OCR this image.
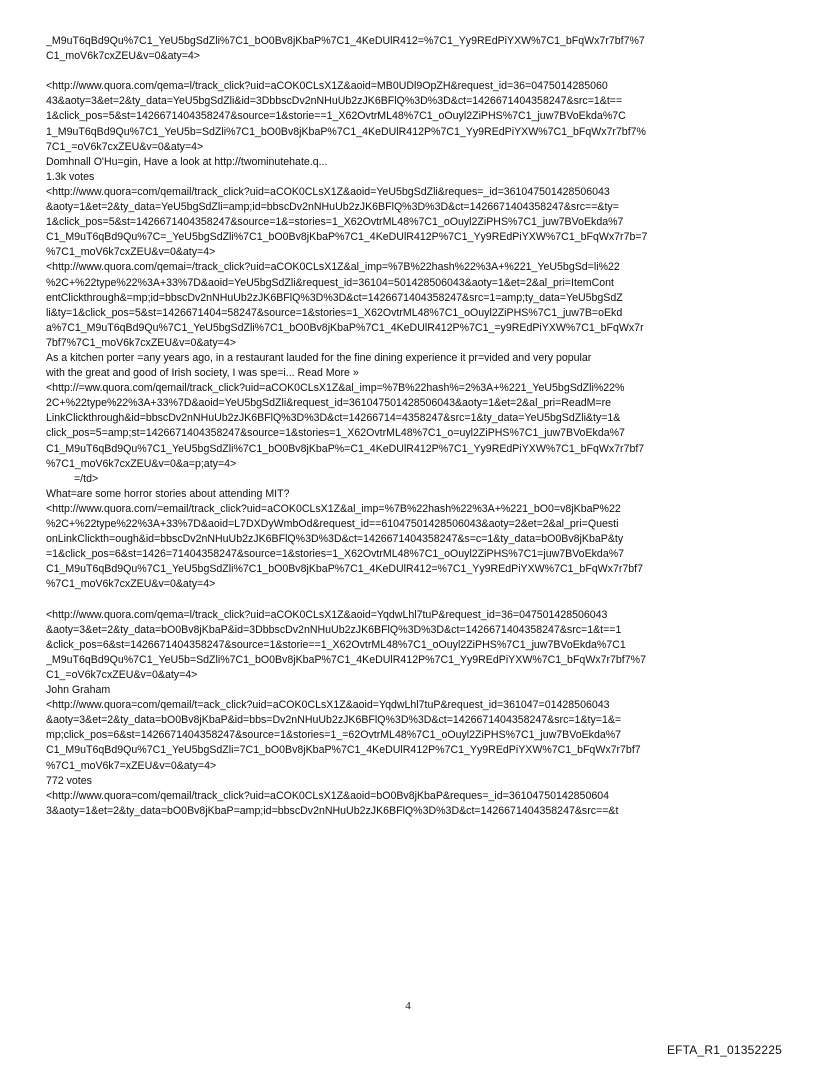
_M9uT6qBd9Qu%7C1_YeU5bgSdZli%7C1_bO0Bv8jKbaP%7C1_4KeDUlR412=%7C1_Yy9REdPiYXW%7C1_bFqWx7r7bf7%7
C1_moV6k7cxZEU&v=0&aty=4>
<http://www.quora.com/qema=l/track_click?uid=aCOK0CLsX1Z&aoid=MB0UDl9OpZH&request_id=36=0475014285060
43&aoty=3&et=2&ty_data=YeU5bgSdZli&id=3DbbscDv2nNHuUb2zJK6BFlQ%3D%3D&ct=1426671404358247&src=1&t==
1&click_pos=5&st=1426671404358247&source=1&storie==1_X62OvtrML48%7C1_oOuyl2ZiPHS%7C1_juw7BVoEkda%7C
1_M9uT6qBd9Qu%7C1_YeU5b=SdZli%7C1_bO0Bv8jKbaP%7C1_4KeDUlR412P%7C1_Yy9REdPiYXW%7C1_bFqWx7r7bf7%
7C1_=oV6k7cxZEU&v=0&aty=4>
Domhnall O'Hu=gin, Have a look at http://twominutehate.q...
1.3k votes
<http://www.quora=com/qemail/track_click?uid=aCOK0CLsX1Z&aoid=YeU5bgSdZli&reques=_id=361047501428506043
&aoty=1&et=2&ty_data=YeU5bgSdZli=amp;id=bbscDv2nNHuUb2zJK6BFlQ%3D%3D&ct=1426671404358247&src==&ty=
1&click_pos=5&st=1426671404358247&source=1&=stories=1_X62OvtrML48%7C1_oOuyl2ZiPHS%7C1_juw7BVoEkda%7
C1_M9uT6qBd9Qu%7C=_YeU5bgSdZli%7C1_bO0Bv8jKbaP%7C1_4KeDUlR412P%7C1_Yy9REdPiYXW%7C1_bFqWx7r7b=7
%7C1_moV6k7cxZEU&v=0&aty=4>
<http://www.quora.com/qemai=/track_click?uid=aCOK0CLsX1Z&al_imp=%7B%22hash%22%3A+%221_YeU5bgSd=li%22
%2C+%22type%22%3A+33%7D&aoid=YeU5bgSdZli&request_id=36104=501428506043&aoty=1&et=2&al_pri=ItemCont
entClickthrough&=mp;id=bbscDv2nNHuUb2zJK6BFlQ%3D%3D&ct=1426671404358247&src=1=amp;ty_data=YeU5bgSdZ
li&ty=1&click_pos=5&st=1426671404=58247&source=1&stories=1_X62OvtrML48%7C1_oOuyl2ZiPHS%7C1_juw7B=oEkd
a%7C1_M9uT6qBd9Qu%7C1_YeU5bgSdZli%7C1_bO0Bv8jKbaP%7C1_4KeDUlR412P%7C1_=y9REdPiYXW%7C1_bFqWx7r
7bf7%7C1_moV6k7cxZEU&v=0&aty=4>
As a kitchen porter =any years ago, in a restaurant lauded for the fine dining experience it pr=vided and very popular
with the great and good of Irish society, I was spe=i... Read More »
<http://=ww.quora.com/qemail/track_click?uid=aCOK0CLsX1Z&al_imp=%7B%22hash%=2%3A+%221_YeU5bgSdZli%22%
2C+%22type%22%3A+33%7D&aoid=YeU5bgSdZli&request_id=361047501428506043&aoty=1&et=2&al_pri=ReadM=re
LinkClickthrough&id=bbscDv2nNHuUb2zJK6BFlQ%3D%3D&ct=14266714=4358247&src=1&ty_data=YeU5bgSdZli&ty=1&
click_pos=5=amp;st=1426671404358247&source=1&stories=1_X62OvtrML48%7C1_o=uyl2ZiPHS%7C1_juw7BVoEkda%7
C1_M9uT6qBd9Qu%7C1_YeU5bgSdZli%7C1_bO0Bv8jKbaP%=C1_4KeDUlR412P%7C1_Yy9REdPiYXW%7C1_bFqWx7r7bf7
%7C1_moV6k7cxZEU&v=0&a=p;aty=4>
=/td>
What=are some horror stories about attending MIT?
<http://www.quora.com/=email/track_click?uid=aCOK0CLsX1Z&al_imp=%7B%22hash%22%3A+%221_bO0=v8jKbaP%22
%2C+%22type%22%3A+33%7D&aoid=L7DXDyWmbOd&request_id==61047501428506043&aoty=2&et=2&al_pri=Questi
onLinkClickth=ough&id=bbscDv2nNHuUb2zJK6BFlQ%3D%3D&ct=1426671404358247&s=c=1&ty_data=bO0Bv8jKbaP&ty
=1&click_pos=6&st=1426=71404358247&source=1&stories=1_X62OvtrML48%7C1_oOuyl2ZiPHS%7C1=juw7BVoEkda%7
C1_M9uT6qBd9Qu%7C1_YeU5bgSdZli%7C1_bO0Bv8jKbaP%7C1_4KeDUlR412=%7C1_Yy9REdPiYXW%7C1_bFqWx7r7bf7
%7C1_moV6k7cxZEU&v=0&aty=4>
<http://www.quora.com/qema=l/track_click?uid=aCOK0CLsX1Z&aoid=YqdwLhl7tuP&request_id=36=047501428506043
&aoty=3&et=2&ty_data=bO0Bv8jKbaP&id=3DbbscDv2nNHuUb2zJK6BFlQ%3D%3D&ct=1426671404358247&src=1&t==1
&click_pos=6&st=1426671404358247&source=1&storie==1_X62OvtrML48%7C1_oOuyl2ZiPHS%7C1_juw7BVoEkda%7C1
_M9uT6qBd9Qu%7C1_YeU5b=SdZli%7C1_bO0Bv8jKbaP%7C1_4KeDUlR412P%7C1_Yy9REdPiYXW%7C1_bFqWx7r7bf7%7
C1_=oV6k7cxZEU&v=0&aty=4>
John Graham
<http://www.quora=com/qemail/t=ack_click?uid=aCOK0CLsX1Z&aoid=YqdwLhl7tuP&request_id=361047=01428506043
&aoty=3&et=2&ty_data=bO0Bv8jKbaP&id=bbs=Dv2nNHuUb2zJK6BFlQ%3D%3D&ct=1426671404358247&src=1&ty=1&=
mp;click_pos=6&st=1426671404358247&source=1&stories=1_=62OvtrML48%7C1_oOuyl2ZiPHS%7C1_juw7BVoEkda%7
C1_M9uT6qBd9Qu%7C1_YeU5bgSdZli=7C1_bO0Bv8jKbaP%7C1_4KeDUlR412P%7C1_Yy9REdPiYXW%7C1_bFqWx7r7bf7
%7C1_moV6k7=xZEU&v=0&aty=4>
772 votes
<http://www.quora=com/qemail/track_click?uid=aCOK0CLsX1Z&aoid=bO0Bv8jKbaP&reques=_id=36104750142850604
3&aoty=1&et=2&ty_data=bO0Bv8jKbaP=amp;id=bbscDv2nNHuUb2zJK6BFlQ%3D%3D&ct=1426671404358247&src==&t
4
EFTA_R1_01352225
